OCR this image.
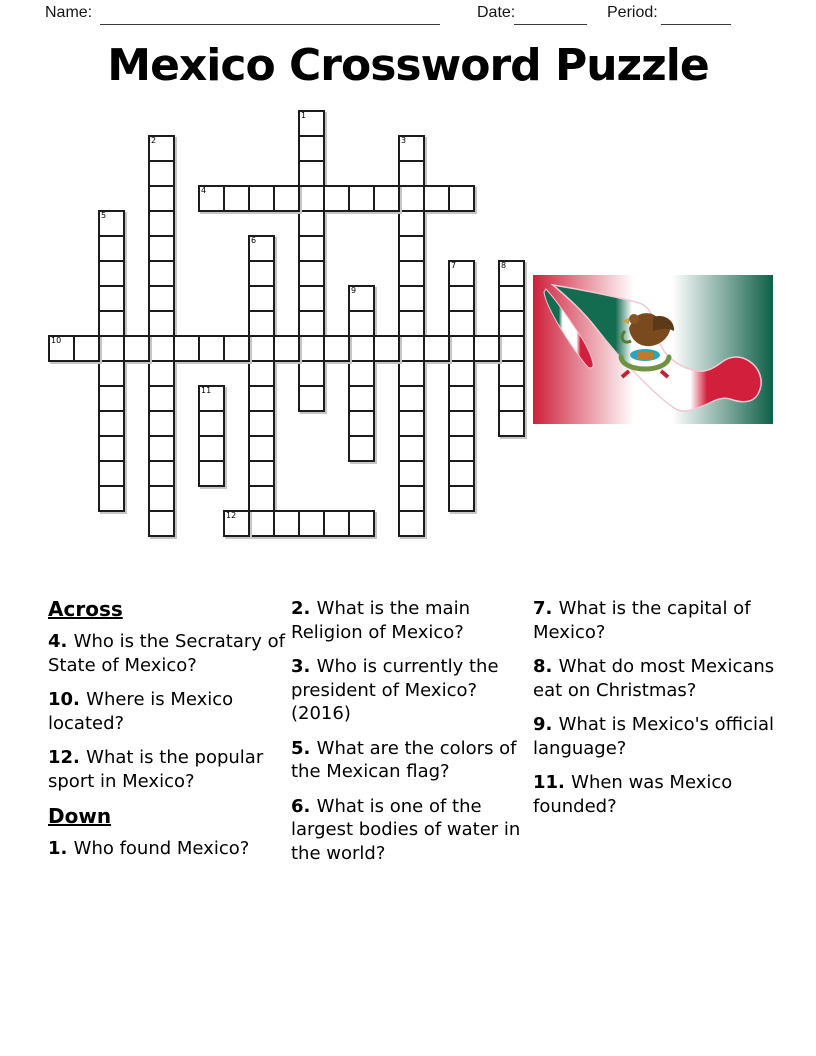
Name:	Date:	Period:
Mexico Crossword Puzzle
1
2	3
4
5
6
7	8
9
10
11
12
Across

4. Who is the Secratary of State of Mexico?

10. Where is Mexico located?

12. What is the popular sport in Mexico?

Down

1. Who found Mexico?

2. What is the main Religion of Mexico?

3. Who is currently the president of Mexico? (2016)

5. What are the colors of the Mexican flag?

6. What is one of the largest bodies of water in the world?

7. What is the capital of Mexico?

8. What do most Mexicans eat on Christmas?

9. What is Mexico's official language?

11. When was Mexico founded?
